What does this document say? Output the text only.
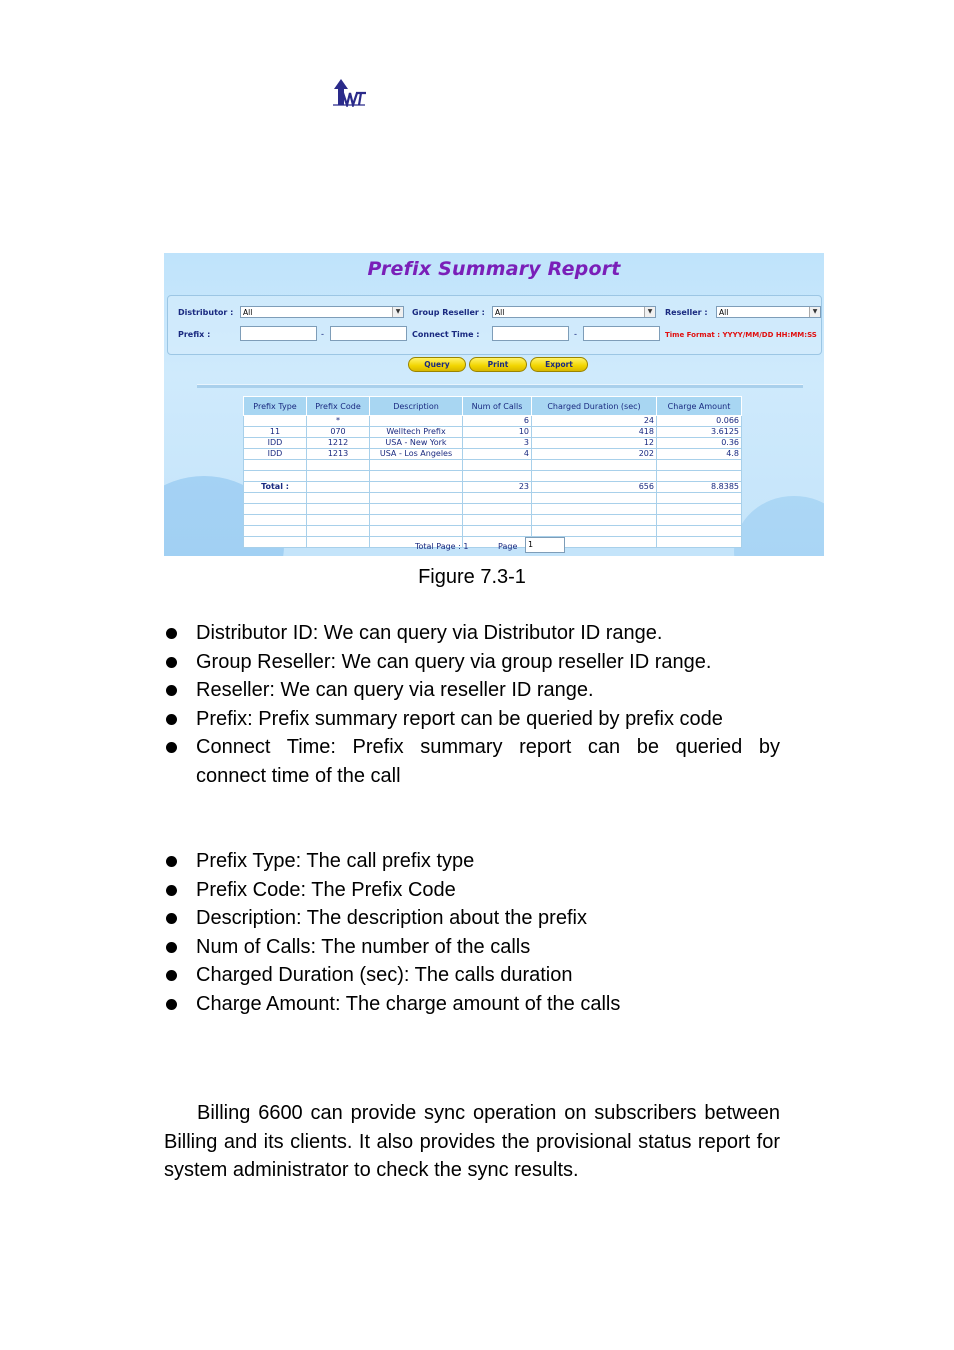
Prefix Summary Report
Distributor :	All	▼	Group Reseller :	All	▼	Reseller :	All	▼
Prefix :	-	Connect Time :	-	Time Format : YYYY/MM/DD HH:MM:SS
Query	Print	Export
Prefix Type	Prefix Code	Description	Num of Calls	Charged Duration (sec)	Charge Amount
	*		6	24	0.066
11	070	Welltech Prefix	10	418	3.6125
IDD	1212	USA - New York	3	12	0.36
IDD	1213	USA - Los Angeles	4	202	4.8

Total :			23	656	8.8385

Total Page : 1	Page	1
Figure 7.3-1
Distributor ID: We can query via Distributor ID range.
Group Reseller: We can query via group reseller ID range.
Reseller: We can query via reseller ID range.
Prefix: Prefix summary report can be queried by prefix code
Connect Time: Prefix summary report can be queried by
connect time of the call
Prefix Type: The call prefix type
Prefix Code: The Prefix Code
Description: The description about the prefix
Num of Calls: The number of the calls
Charged Duration (sec): The calls duration
Charge Amount: The charge amount of the calls

Billing 6600 can provide sync operation on subscribers between Billing and its clients. It also provides the provisional status report for system administrator to check the sync results.
